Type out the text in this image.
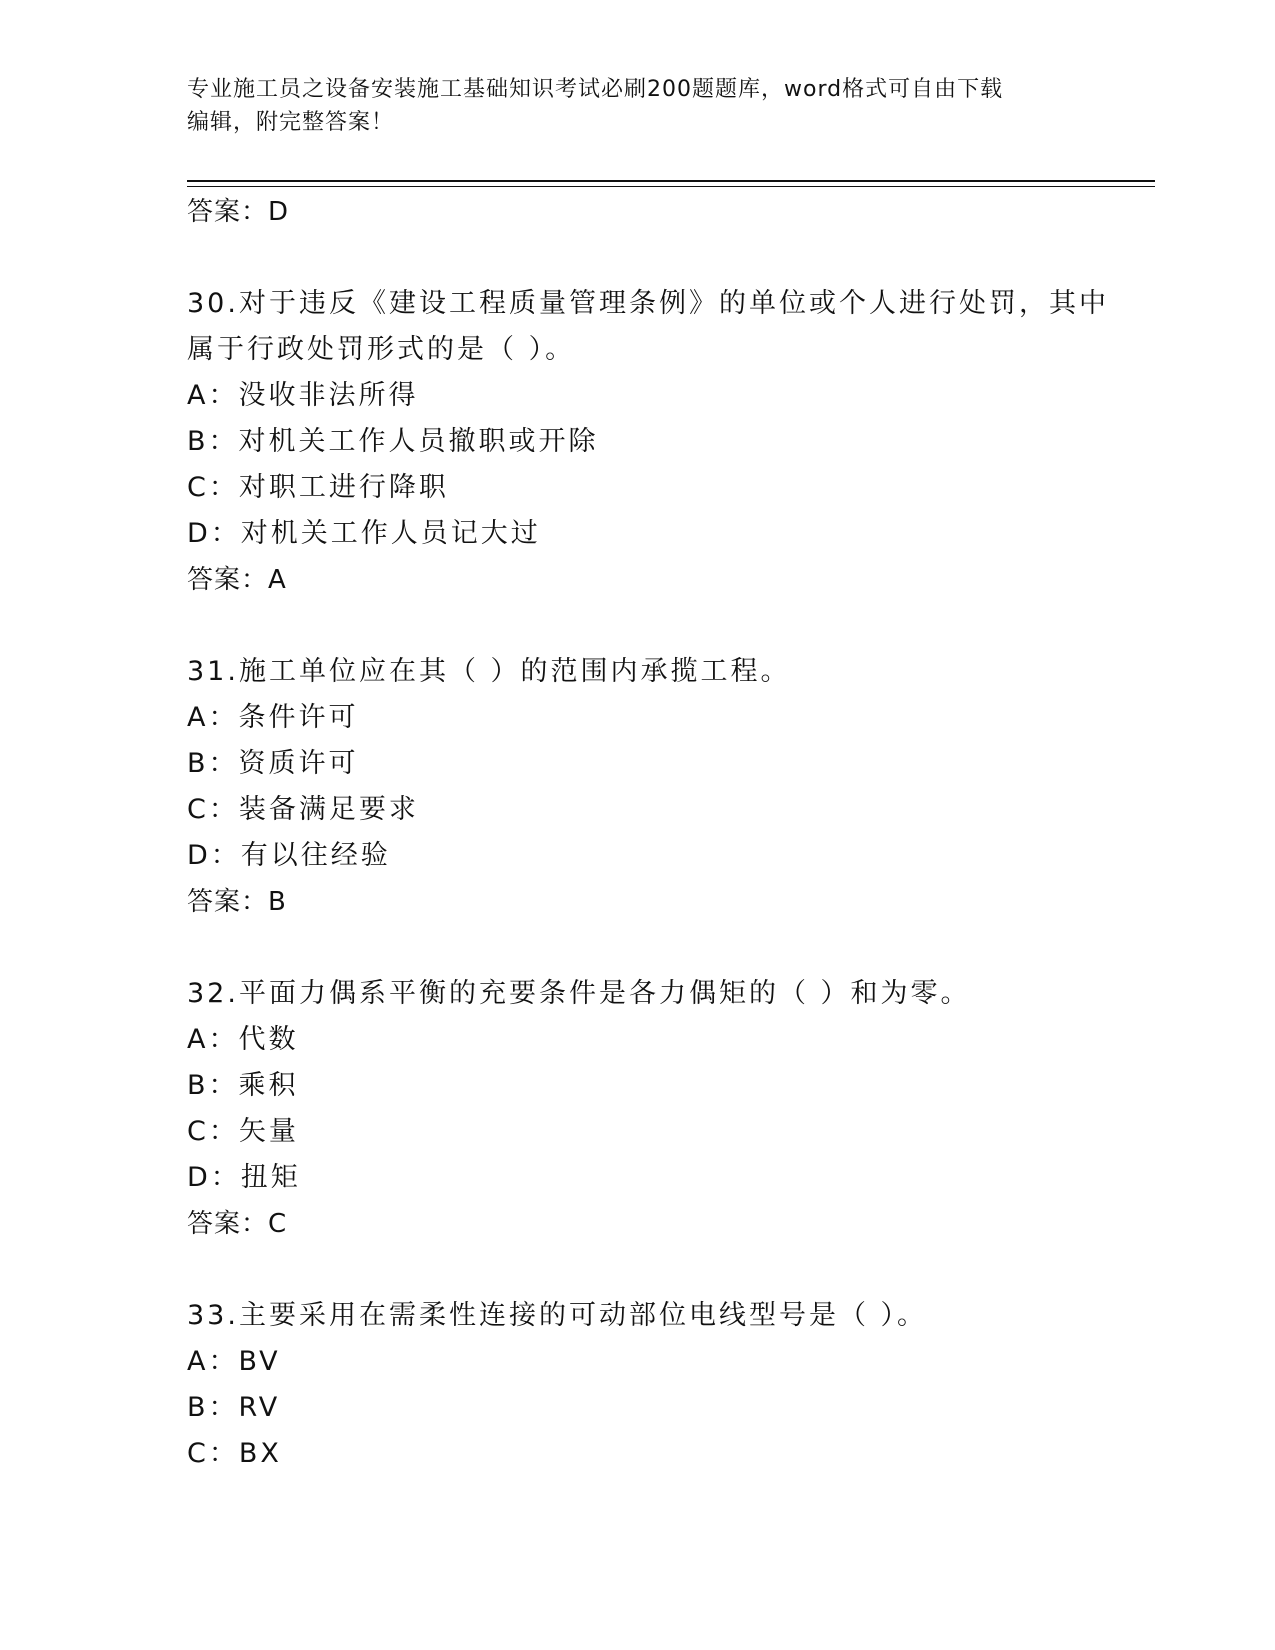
专业施工员之设备安装施工基础知识考试必刷200题题库，word格式可自由下载
编辑，附完整答案！
答案：D
30.对于违反《建设工程质量管理条例》的单位或个人进行处罚，其中
属于行政处罚形式的是（ ）。
A：没收非法所得
B：对机关工作人员撤职或开除
C：对职工进行降职
D：对机关工作人员记大过
答案：A
31.施工单位应在其（ ）的范围内承揽工程。
A：条件许可
B：资质许可
C：装备满足要求
D：有以往经验
答案：B
32.平面力偶系平衡的充要条件是各力偶矩的（ ）和为零。
A：代数
B：乘积
C：矢量
D：扭矩
答案：C
33.主要采用在需柔性连接的可动部位电线型号是（ ）。
A：BV
B：RV
C：BX
